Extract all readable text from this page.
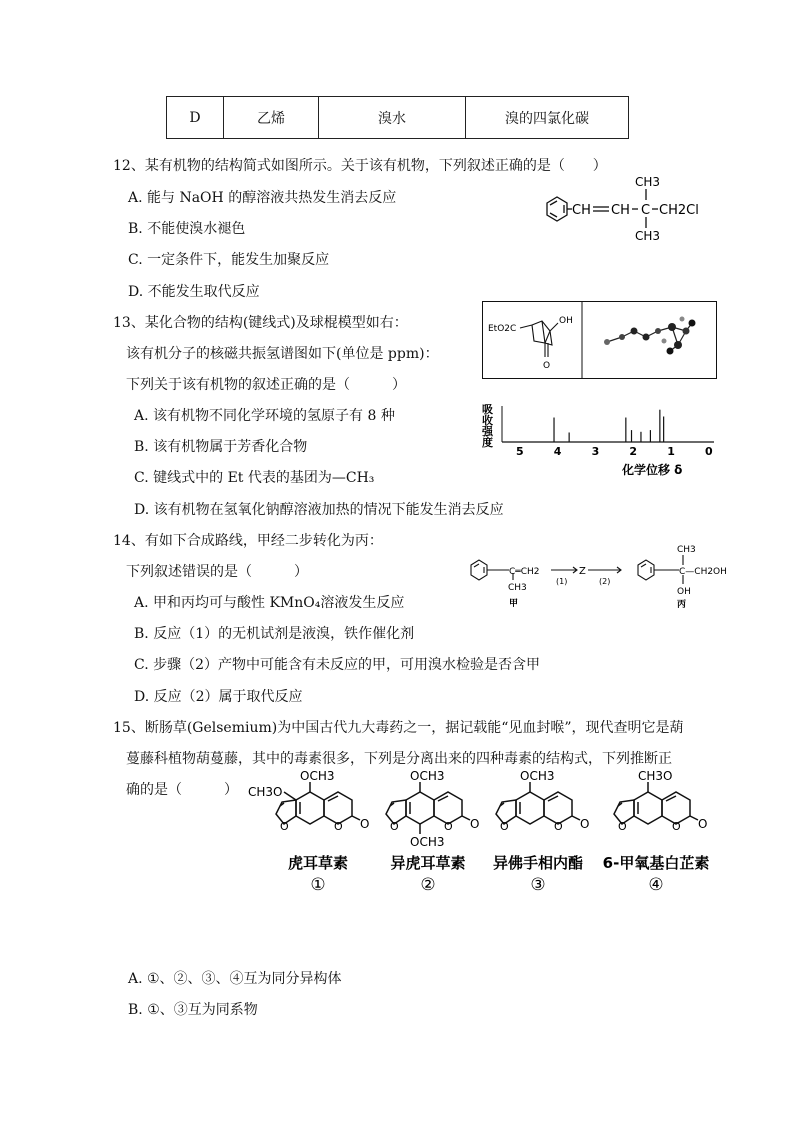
D	乙烯	溴水	溴的四氯化碳
12、某有机物的结构简式如图所示。关于该有机物，下列叙述正确的是（　　）
A. 能与 NaOH 的醇溶液共热发生消去反应
B. 不能使溴水褪色
C. 一定条件下，能发生加聚反应
D. 不能发生取代反应
CH CH C CH2Cl
CH3
CH3
13、某化合物的结构(键线式)及球棍模型如右：
该有机分子的核磁共振氢谱图如下(单位是 ppm)：
下列关于该有机物的叙述正确的是（　　　）
A. 该有机物不同化学环境的氢原子有 8 种
B. 该有机物属于芳香化合物
C. 键线式中的 Et 代表的基团为—CH₃
D. 该有机物在氢氧化钠醇溶液加热的情况下能发生消去反应
EtO2C
OH
O
吸
收
强
度
5	4	3	2	1	0
化学位移 δ
14、有如下合成路线，甲经二步转化为丙：
下列叙述错误的是（　　　）
A. 甲和丙均可与酸性 KMnO₄溶液发生反应
B. 反应（1）的无机试剂是液溴，铁作催化剂
C. 步骤（2）产物中可能含有未反应的甲，可用溴水检验是否含甲
D. 反应（2）属于取代反应
C═CH2
CH3
(1)
Z
(2)
甲
CH3
C—CH2OH
OH
丙
15、断肠草(Gelsemium)为中国古代九大毒药之一，据记载能“见血封喉”，现代查明它是葫
蔓藤科植物葫蔓藤，其中的毒素很多，下列是分离出来的四种毒素的结构式，下列推断正
确的是（　　　）
O
O
O
OCH3
CH3O
虎耳草素
①
O
O
O
OCH3
OCH3
异虎耳草素
②
O
O
O
OCH3
异佛手相内酯
③
O
O
O
CH3O
6-甲氧基白芷素
④
A. ①、②、③、④互为同分异构体
B. ①、③互为同系物
